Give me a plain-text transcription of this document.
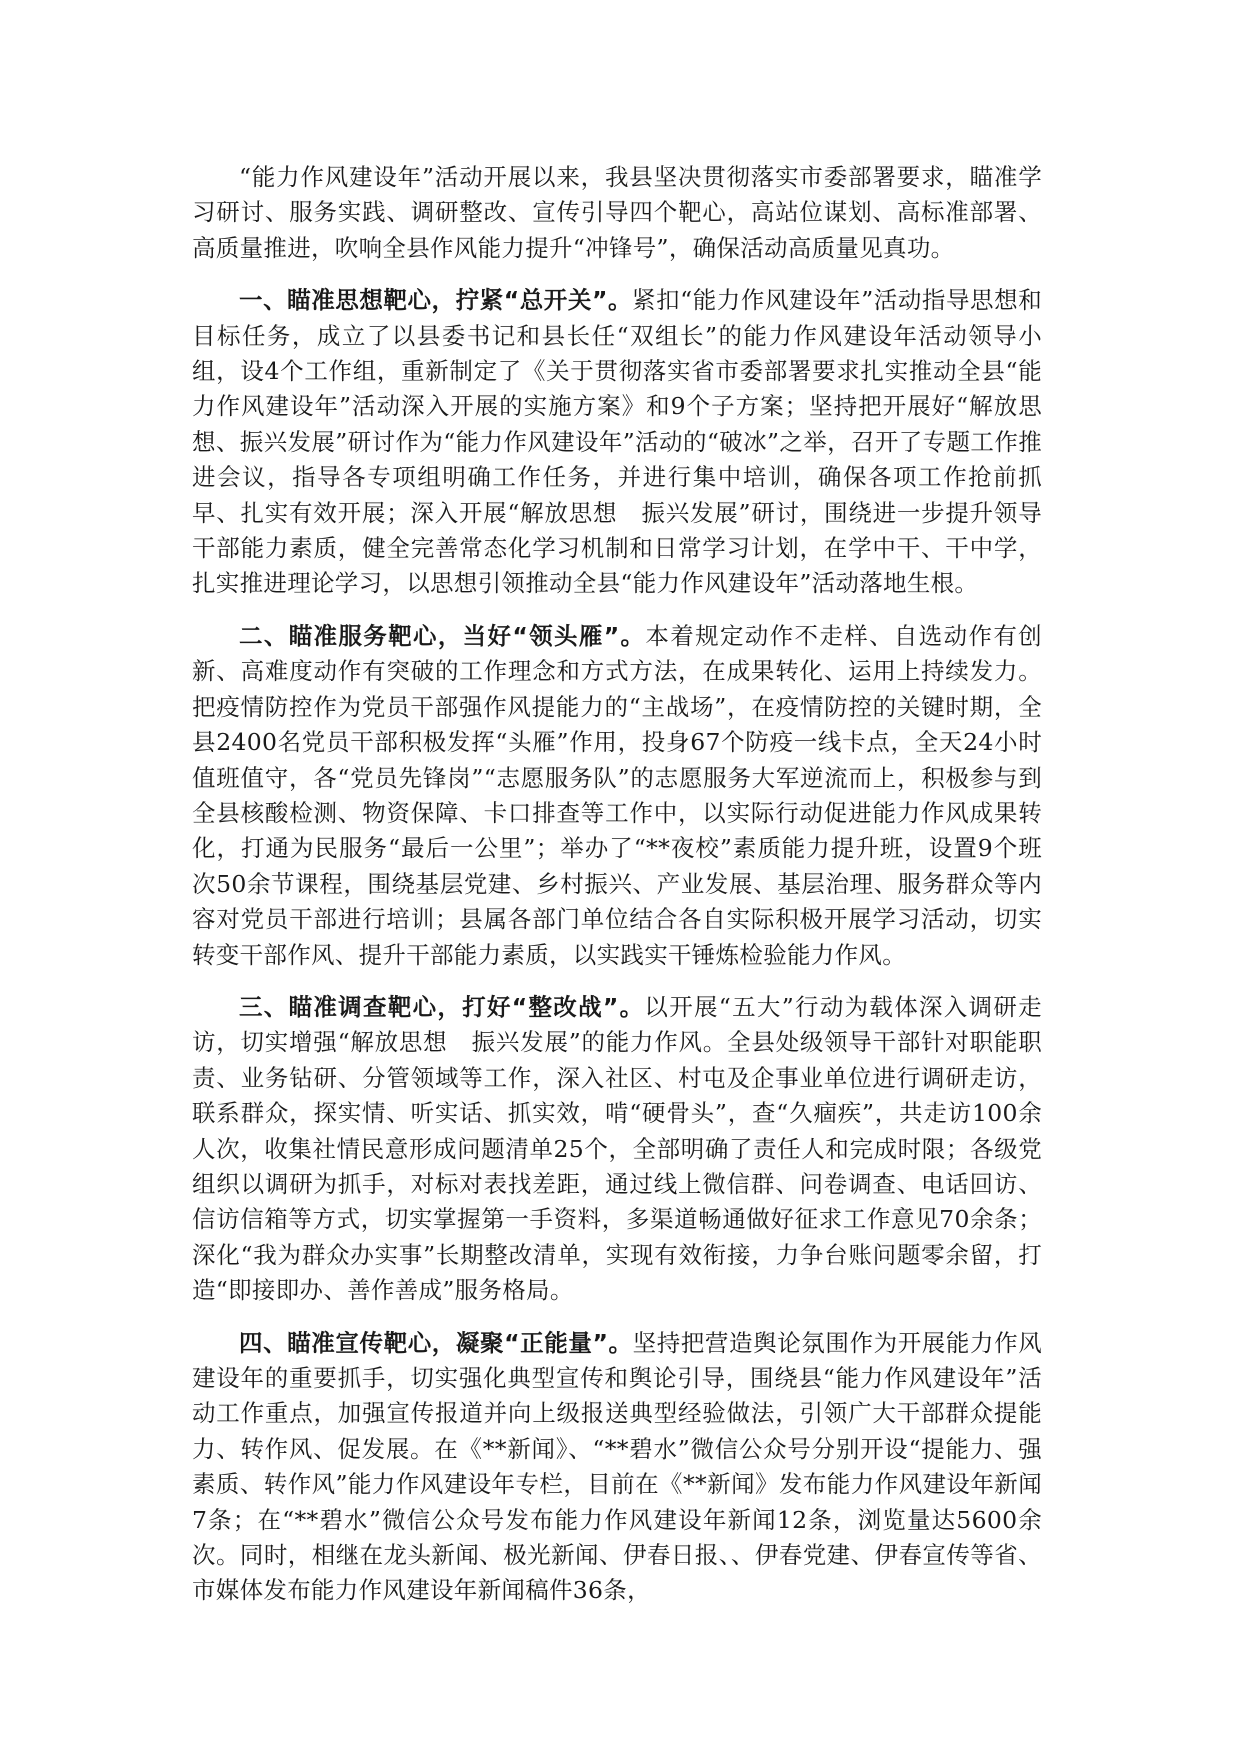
“能力作风建设年”活动开展以来，我县坚决贯彻落实市委部署要求，瞄准学习研讨、服务实践、调研整改、宣传引导四个靶心，高站位谋划、高标准部署、高质量推进，吹响全县作风能力提升“冲锋号”，确保活动高质量见真功。

一、瞄准思想靶心，拧紧“总开关”。紧扣“能力作风建设年”活动指导思想和目标任务，成立了以县委书记和县长任“双组长”的能力作风建设年活动领导小组，设4个工作组，重新制定了《关于贯彻落实省市委部署要求扎实推动全县“能力作风建设年”活动深入开展的实施方案》和9个子方案；坚持把开展好“解放思想、振兴发展”研讨作为“能力作风建设年”活动的“破冰”之举，召开了专题工作推进会议，指导各专项组明确工作任务，并进行集中培训，确保各项工作抢前抓早、扎实有效开展；深入开展“解放思想　振兴发展”研讨，围绕进一步提升领导干部能力素质，健全完善常态化学习机制和日常学习计划，在学中干、干中学，扎实推进理论学习，以思想引领推动全县“能力作风建设年”活动落地生根。

二、瞄准服务靶心，当好“领头雁”。本着规定动作不走样、自选动作有创新、高难度动作有突破的工作理念和方式方法，在成果转化、运用上持续发力。把疫情防控作为党员干部强作风提能力的“主战场”，在疫情防控的关键时期，全县2400名党员干部积极发挥“头雁”作用，投身67个防疫一线卡点，全天24小时值班值守，各“党员先锋岗”“志愿服务队”的志愿服务大军逆流而上，积极参与到全县核酸检测、物资保障、卡口排查等工作中，以实际行动促进能力作风成果转化，打通为民服务“最后一公里”；举办了“**夜校”素质能力提升班，设置9个班次50余节课程，围绕基层党建、乡村振兴、产业发展、基层治理、服务群众等内容对党员干部进行培训；县属各部门单位结合各自实际积极开展学习活动，切实转变干部作风、提升干部能力素质，以实践实干锤炼检验能力作风。

三、瞄准调查靶心，打好“整改战”。以开展“五大”行动为载体深入调研走访，切实增强“解放思想　振兴发展”的能力作风。全县处级领导干部针对职能职责、业务钻研、分管领域等工作，深入社区、村屯及企事业单位进行调研走访，联系群众，探实情、听实话、抓实效，啃“硬骨头”，查“久痼疾”，共走访100余人次，收集社情民意形成问题清单25个，全部明确了责任人和完成时限；各级党组织以调研为抓手，对标对表找差距，通过线上微信群、问卷调查、电话回访、信访信箱等方式，切实掌握第一手资料，多渠道畅通做好征求工作意见70余条；深化“我为群众办实事”长期整改清单，实现有效衔接，力争台账问题零余留，打造“即接即办、善作善成”服务格局。

四、瞄准宣传靶心，凝聚“正能量”。坚持把营造舆论氛围作为开展能力作风建设年的重要抓手，切实强化典型宣传和舆论引导，围绕县“能力作风建设年”活动工作重点，加强宣传报道并向上级报送典型经验做法，引领广大干部群众提能力、转作风、促发展。在《**新闻》、“**碧水”微信公众号分别开设“提能力、强素质、转作风”能力作风建设年专栏，目前在《**新闻》发布能力作风建设年新闻7条；在“**碧水”微信公众号发布能力作风建设年新闻12条，浏览量达5600余次。同时，相继在龙头新闻、极光新闻、伊春日报、、伊春党建、伊春宣传等省、市媒体发布能力作风建设年新闻稿件36条，
